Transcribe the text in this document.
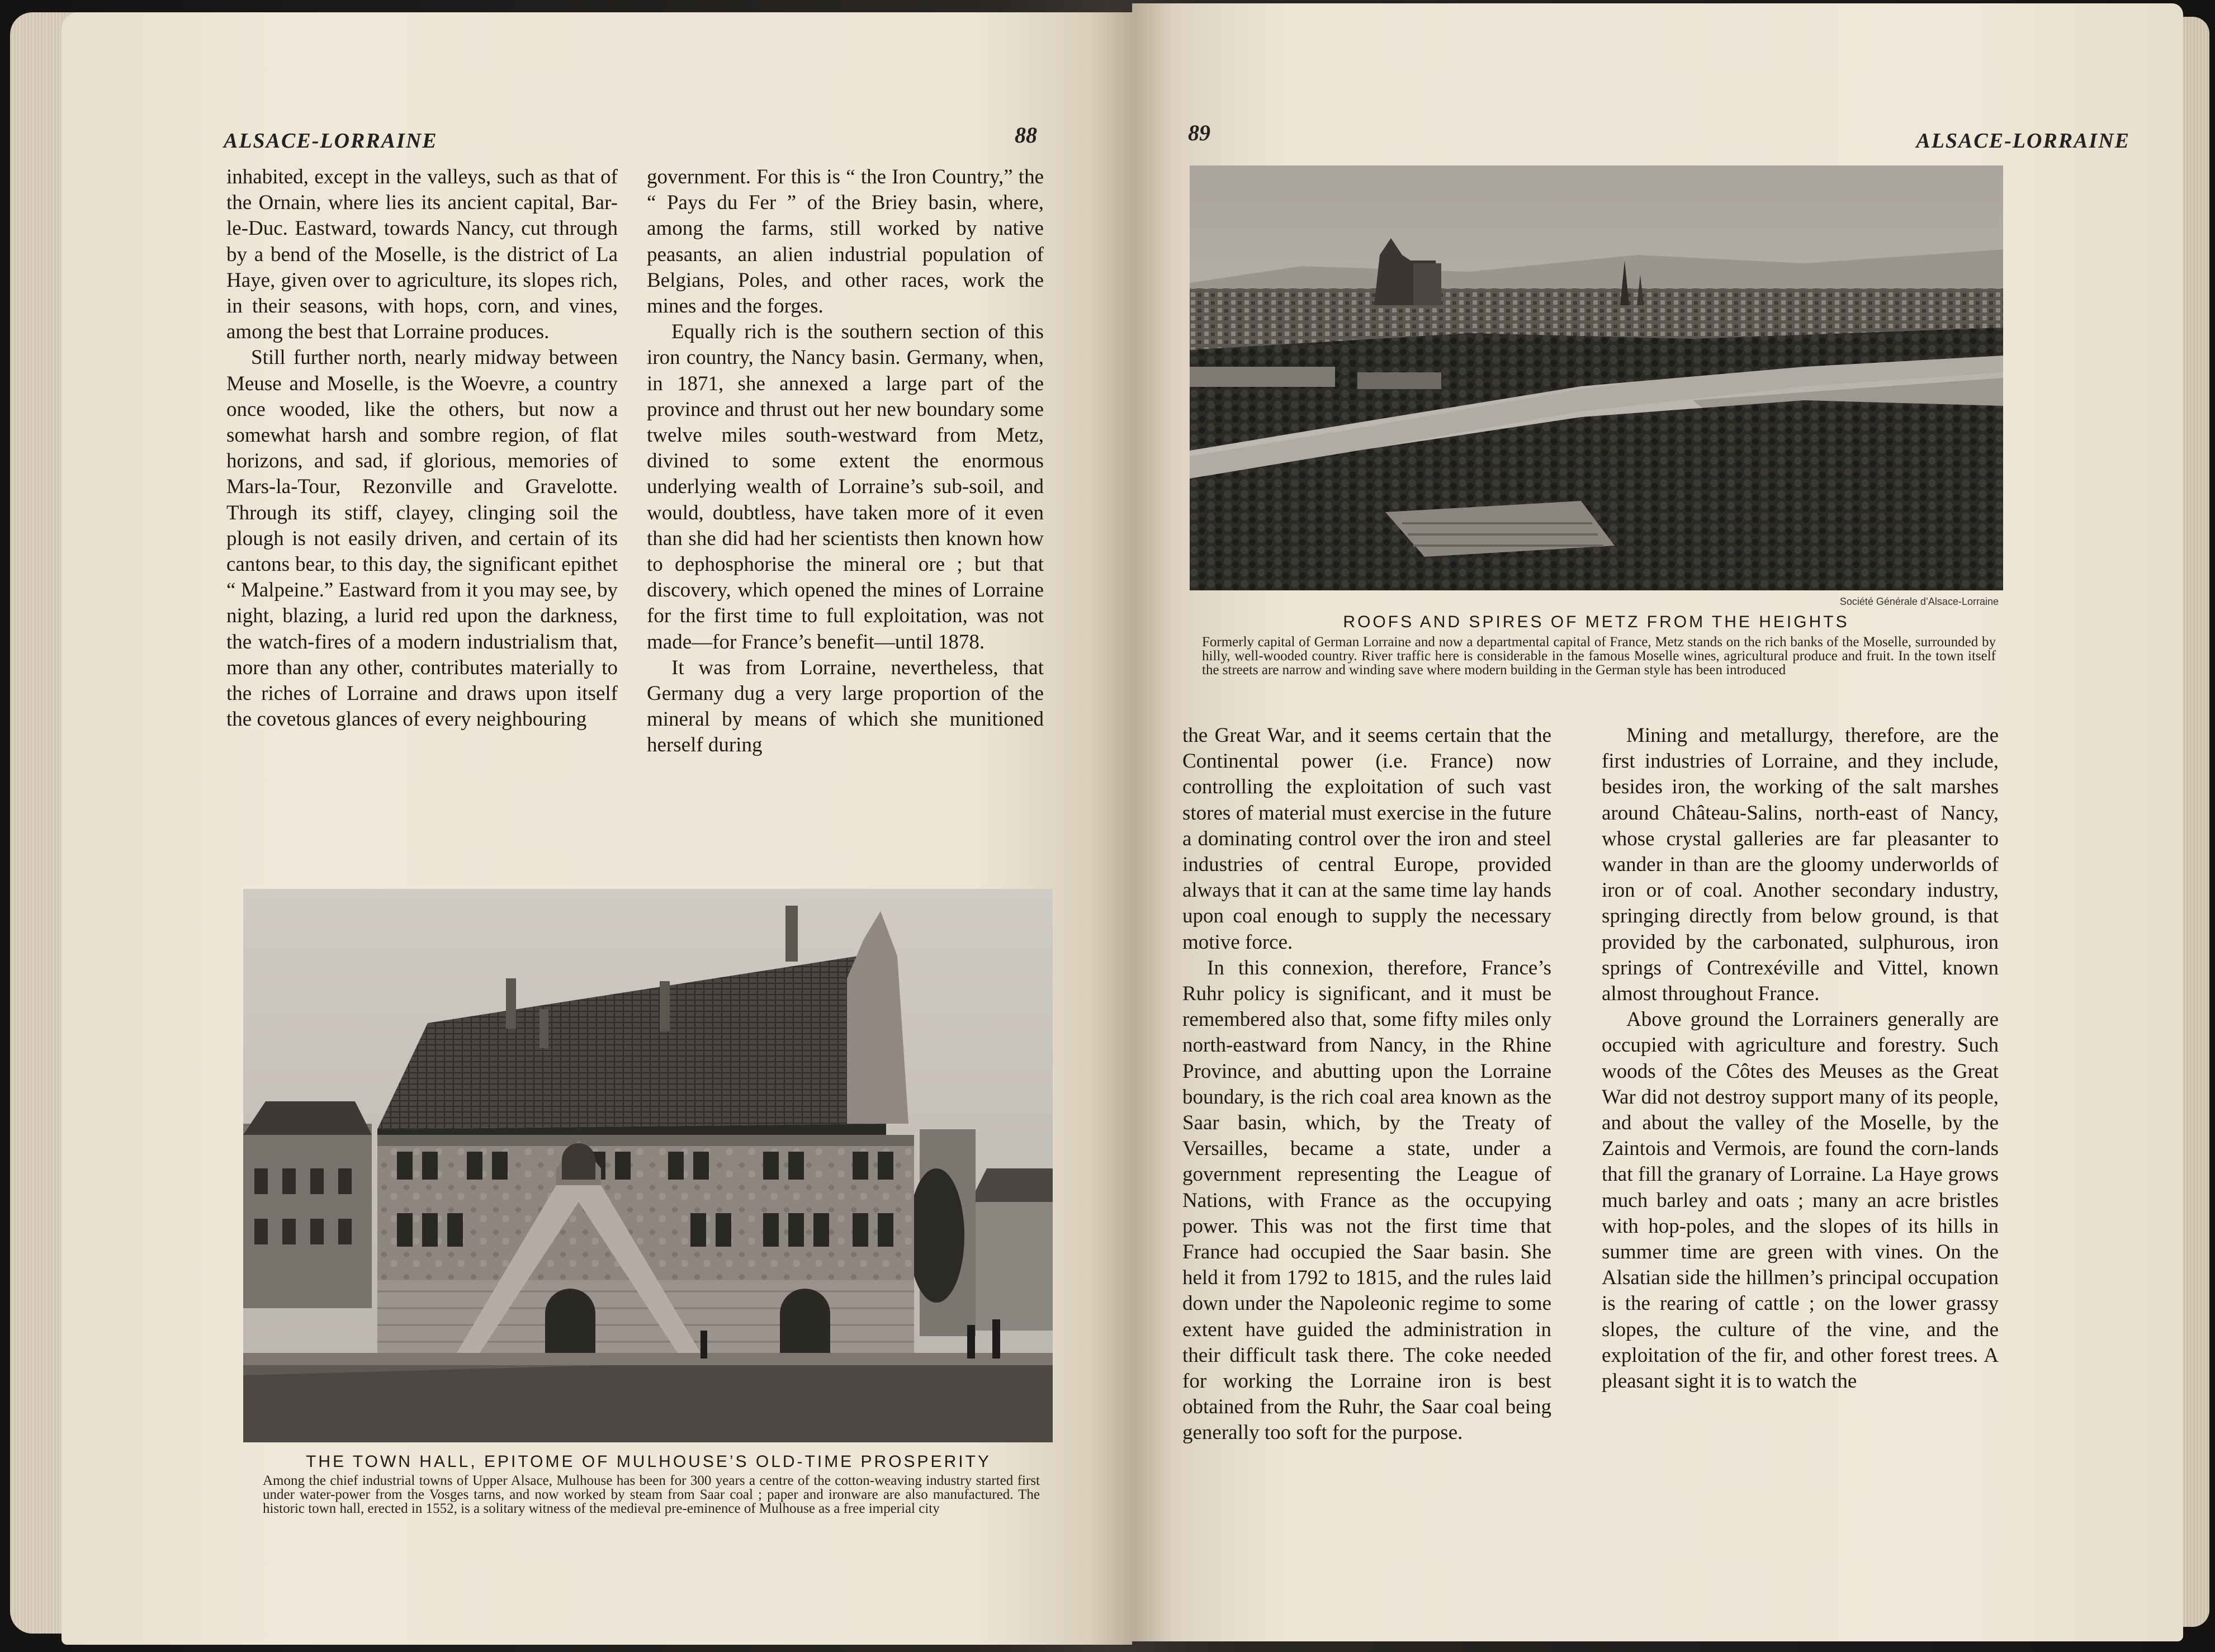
ALSACE-LORRAINE	88

inhabited, except in the valleys, such as that of the Ornain, where lies its ancient capital, Bar-le-Duc. Eastward, towards Nancy, cut through by a bend of the Moselle, is the district of La Haye, given over to agriculture, its slopes rich, in their seasons, with hops, corn, and vines, among the best that Lorraine produces.

Still further north, nearly midway between Meuse and Moselle, is the Woevre, a country once wooded, like the others, but now a somewhat harsh and sombre region, of flat horizons, and sad, if glorious, memories of Mars-la-Tour, Rezonville and Gravelotte. Through its stiff, clayey, clinging soil the plough is not easily driven, and certain of its cantons bear, to this day, the significant epithet “ Malpeine.” Eastward from it you may see, by night, blazing, a lurid red upon the darkness, the watch-fires of a modern industrialism that, more than any other, contributes materially to the riches of Lorraine and draws upon itself the covetous glances of every neighbouring

government. For this is “ the Iron Country,” the “ Pays du Fer ” of the Briey basin, where, among the farms, still worked by native peasants, an alien industrial population of Belgians, Poles, and other races, work the mines and the forges.

Equally rich is the southern section of this iron country, the Nancy basin. Germany, when, in 1871, she annexed a large part of the province and thrust out her new boundary some twelve miles south-westward from Metz, divined to some extent the enormous underlying wealth of Lorraine’s sub-soil, and would, doubtless, have taken more of it even than she did had her scientists then known how to dephosphorise the mineral ore ; but that discovery, which opened the mines of Lorraine for the first time to full exploitation, was not made—for France’s benefit—until 1878.

It was from Lorraine, nevertheless, that Germany dug a very large proportion of the mineral by means of which she munitioned herself during

THE TOWN HALL, EPITOME OF MULHOUSE’S OLD-TIME PROSPERITY
Among the chief industrial towns of Upper Alsace, Mulhouse has been for 300 years a centre of the cotton-weaving industry started first under water-power from the Vosges tarns, and now worked by steam from Saar coal ; paper and ironware are also manufactured. The historic town hall, erected in 1552, is a solitary witness of the medieval pre-eminence of Mulhouse as a free imperial city
89	ALSACE-LORRAINE
Société Générale d’Alsace-Lorraine
ROOFS AND SPIRES OF METZ FROM THE HEIGHTS
Formerly capital of German Lorraine and now a departmental capital of France, Metz stands on the rich banks of the Moselle, surrounded by hilly, well-wooded country. River traffic here is considerable in the famous Moselle wines, agricultural produce and fruit. In the town itself the streets are narrow and winding save where modern building in the German style has been introduced

the Great War, and it seems certain that the Continental power (i.e. France) now controlling the exploitation of such vast stores of material must exercise in the future a dominating control over the iron and steel industries of central Europe, provided always that it can at the same time lay hands upon coal enough to supply the necessary motive force.

In this connexion, therefore, France’s Ruhr policy is significant, and it must be remembered also that, some fifty miles only north-eastward from Nancy, in the Rhine Province, and abutting upon the Lorraine boundary, is the rich coal area known as the Saar basin, which, by the Treaty of Versailles, became a state, under a government representing the League of Nations, with France as the occupying power. This was not the first time that France had occupied the Saar basin. She held it from 1792 to 1815, and the rules laid down under the Napoleonic regime to some extent have guided the administration in their difficult task there. The coke needed for working the Lorraine iron is best obtained from the Ruhr, the Saar coal being generally too soft for the purpose.

Mining and metallurgy, therefore, are the first industries of Lorraine, and they include, besides iron, the working of the salt marshes around Château-Salins, north-east of Nancy, whose crystal galleries are far pleasanter to wander in than are the gloomy underworlds of iron or of coal. Another secondary industry, springing directly from below ground, is that provided by the carbonated, sulphurous, iron springs of Contrexéville and Vittel, known almost throughout France.

Above ground the Lorrainers generally are occupied with agriculture and forestry. Such woods of the Côtes des Meuses as the Great War did not destroy support many of its people, and about the valley of the Moselle, by the Zaintois and Vermois, are found the corn-lands that fill the granary of Lorraine. La Haye grows much barley and oats ; many an acre bristles with hop-poles, and the slopes of its hills in summer time are green with vines. On the Alsatian side the hillmen’s principal occupation is the rearing of cattle ; on the lower grassy slopes, the culture of the vine, and the exploitation of the fir, and other forest trees. A pleasant sight it is to watch the
